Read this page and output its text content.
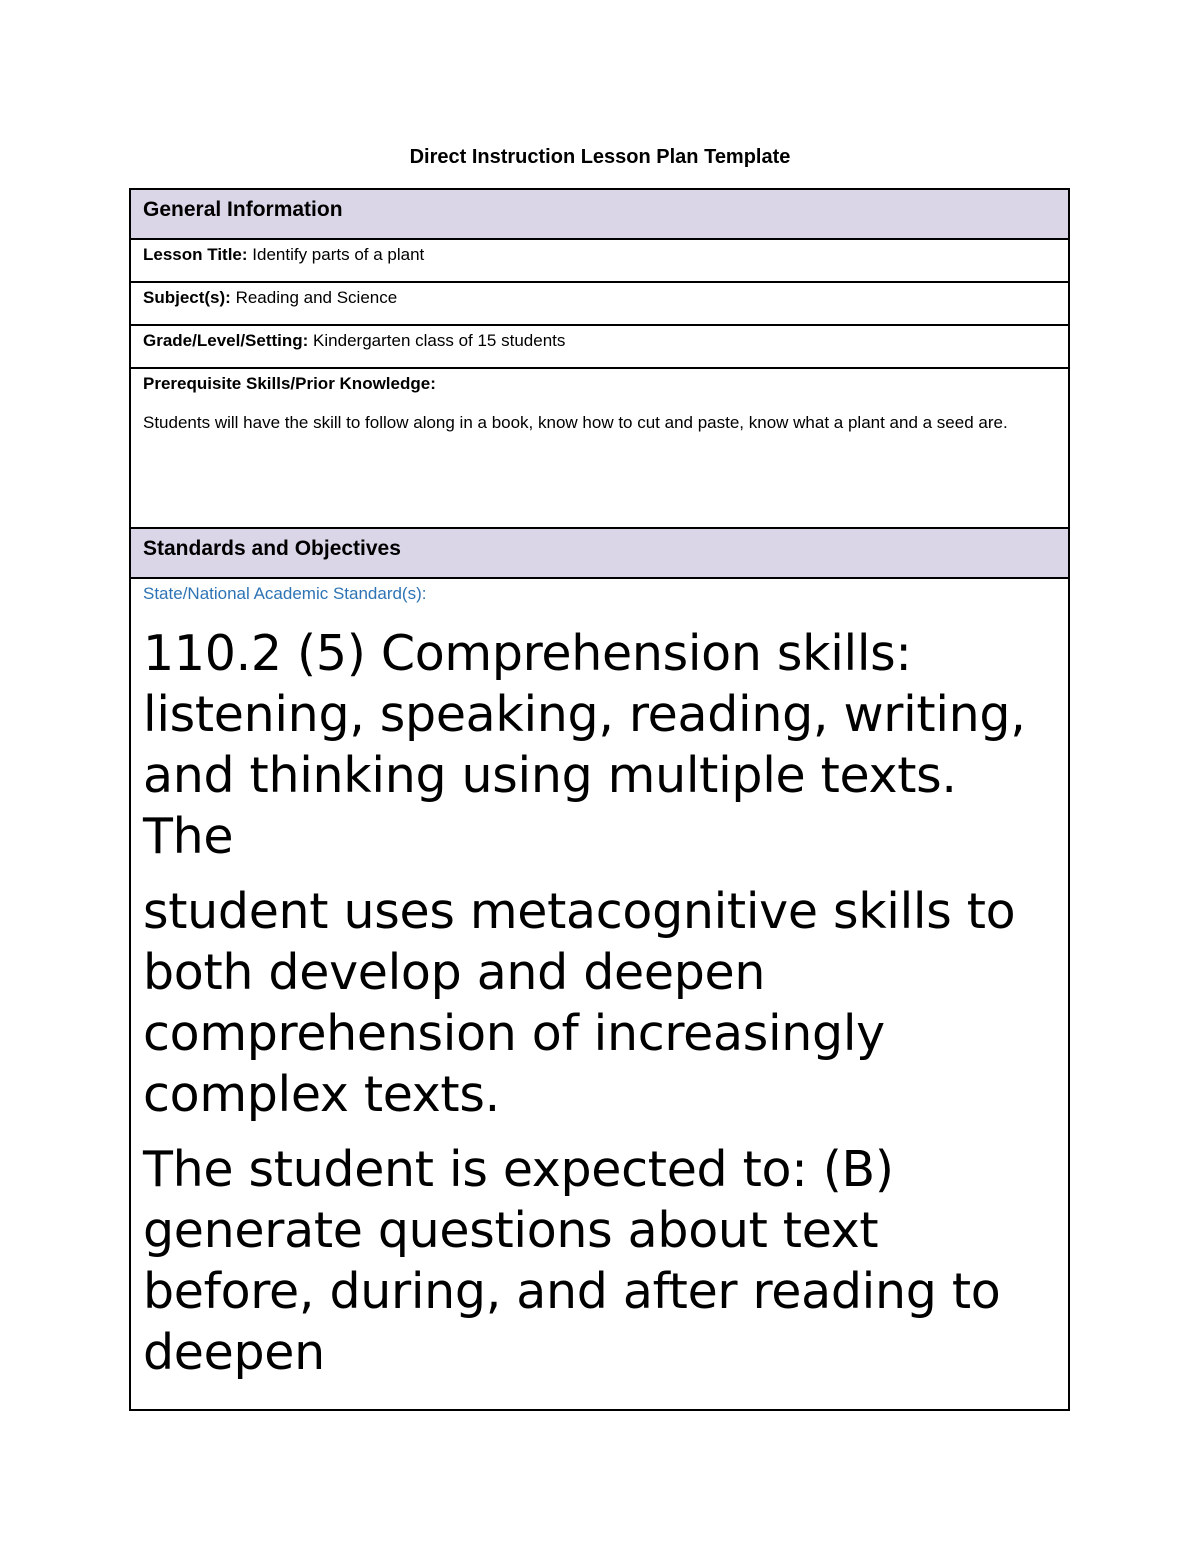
Direct Instruction Lesson Plan Template
General Information
Lesson Title: Identify parts of a plant
Subject(s): Reading and Science
Grade/Level/Setting: Kindergarten class of 15 students
Prerequisite Skills/Prior Knowledge:
Students will have the skill to follow along in a book, know how to cut and paste, know what a plant and a seed are.
Standards and Objectives
State/National Academic Standard(s):

110.2 (5) Comprehension skills: listening, speaking, reading, writing, and thinking using multiple texts. The

student uses metacognitive skills to both develop and deepen comprehension of increasingly complex texts.

The student is expected to: (B) generate questions about text before, during, and after reading to deepen
